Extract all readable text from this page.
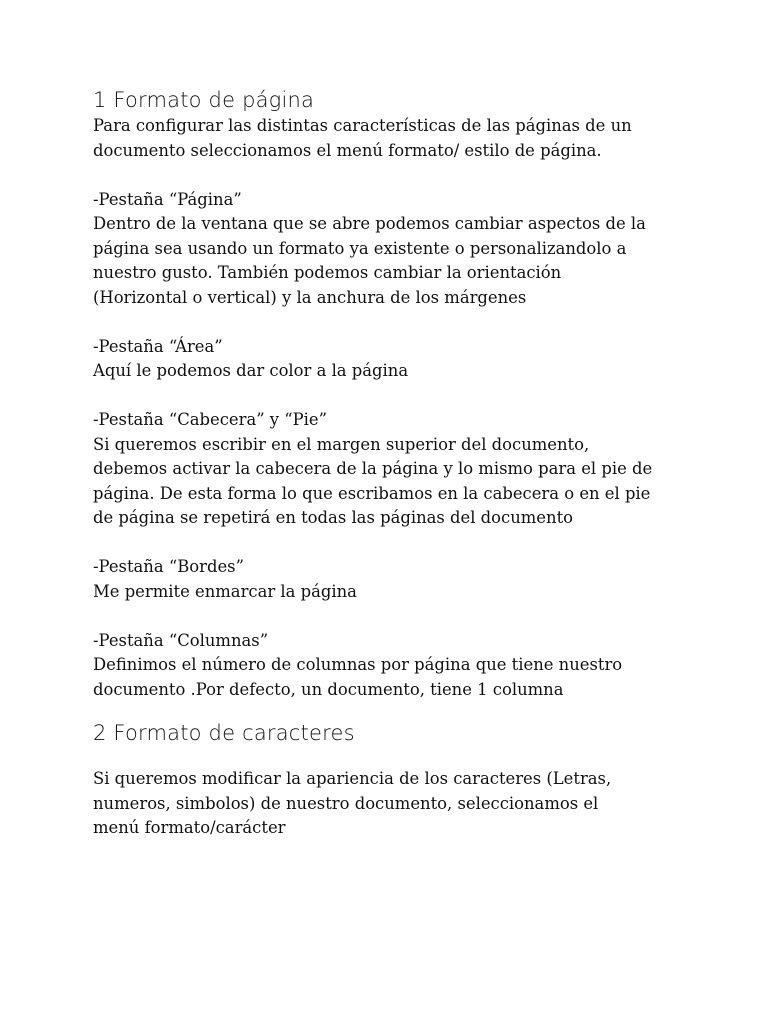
1 Formato de página

Para configurar las distintas características de las páginas de un
documento seleccionamos el menú formato/ estilo de página.

-Pestaña “Página”
Dentro de la ventana que se abre podemos cambiar aspectos de la
página sea usando un formato ya existente o personalizandolo a
nuestro gusto. También podemos cambiar la orientación
(Horizontal o vertical) y la anchura de los márgenes

-Pestaña “Área”
Aquí le podemos dar color a la página

-Pestaña “Cabecera” y “Pie”
Si queremos escribir en el margen superior del documento,
debemos activar la cabecera de la página y lo mismo para el pie de
página. De esta forma lo que escribamos en la cabecera o en el pie
de página se repetirá en todas las páginas del documento

-Pestaña “Bordes”
Me permite enmarcar la página

-Pestaña “Columnas”
Definimos el número de columnas por página que tiene nuestro
documento .Por defecto, un documento, tiene 1 columna

2 Formato de caracteres

Si queremos modificar la apariencia de los caracteres (Letras,
numeros, simbolos) de nuestro documento, seleccionamos el
menú formato/carácter
